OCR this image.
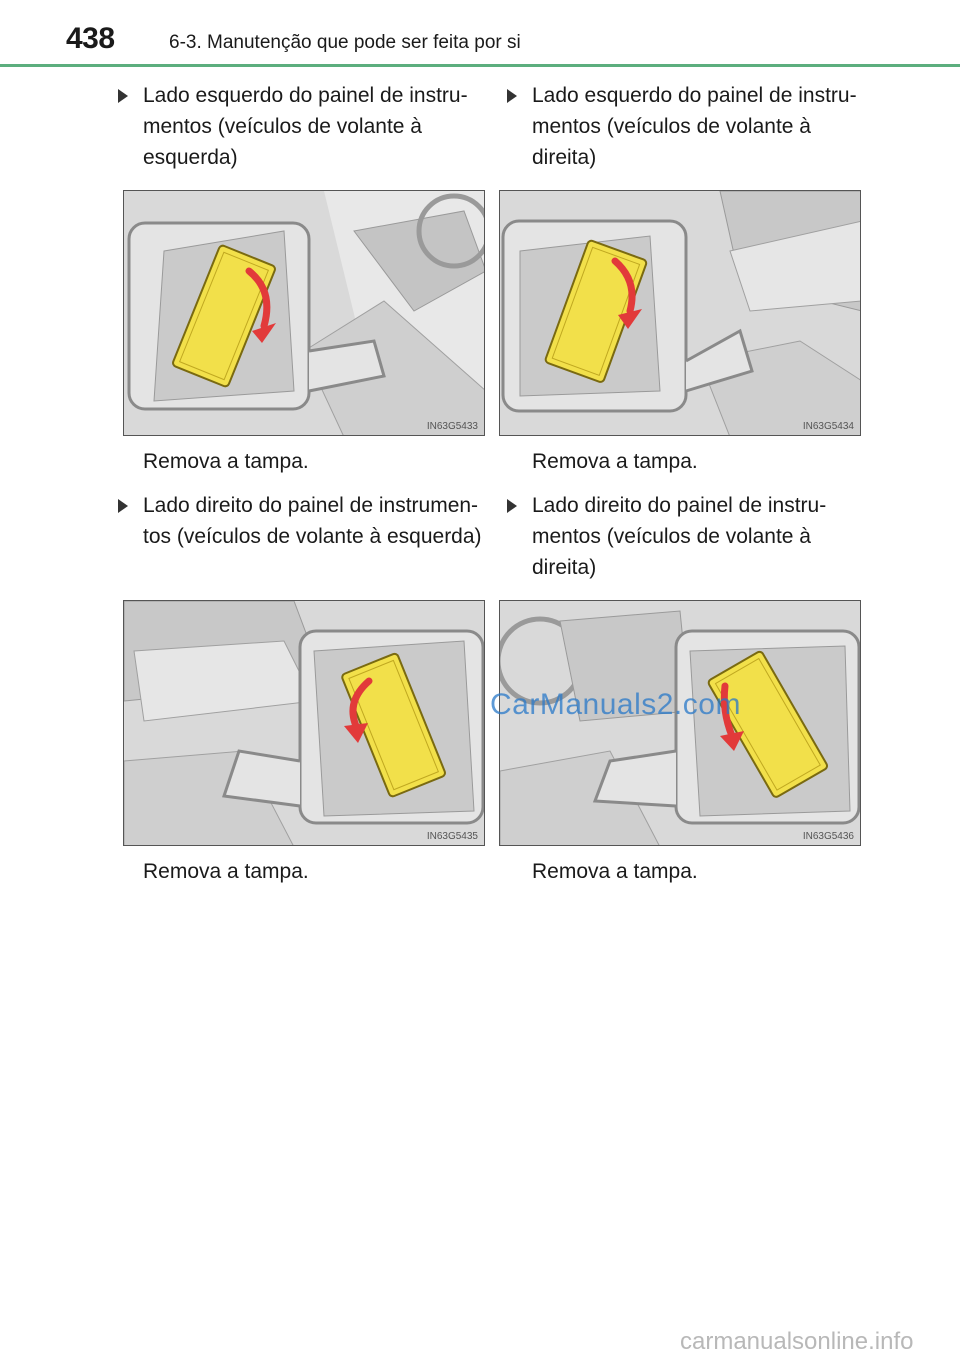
438	6-3. Manutenção que pode ser feita por si
Lado esquerdo do painel de instru-
mentos (veículos de volante à
esquerda)
IN63G5433
Remova a tampa.
Lado esquerdo do painel de instru-
mentos (veículos de volante à
direita)
IN63G5434
Remova a tampa.
Lado direito do painel de instrumen-
tos (veículos de volante à esquerda)
IN63G5435
Remova a tampa.
Lado direito do painel de instru-
mentos (veículos de volante à
direita)
IN63G5436
Remova a tampa.
CarManuals2.com
carmanualsonline.info
